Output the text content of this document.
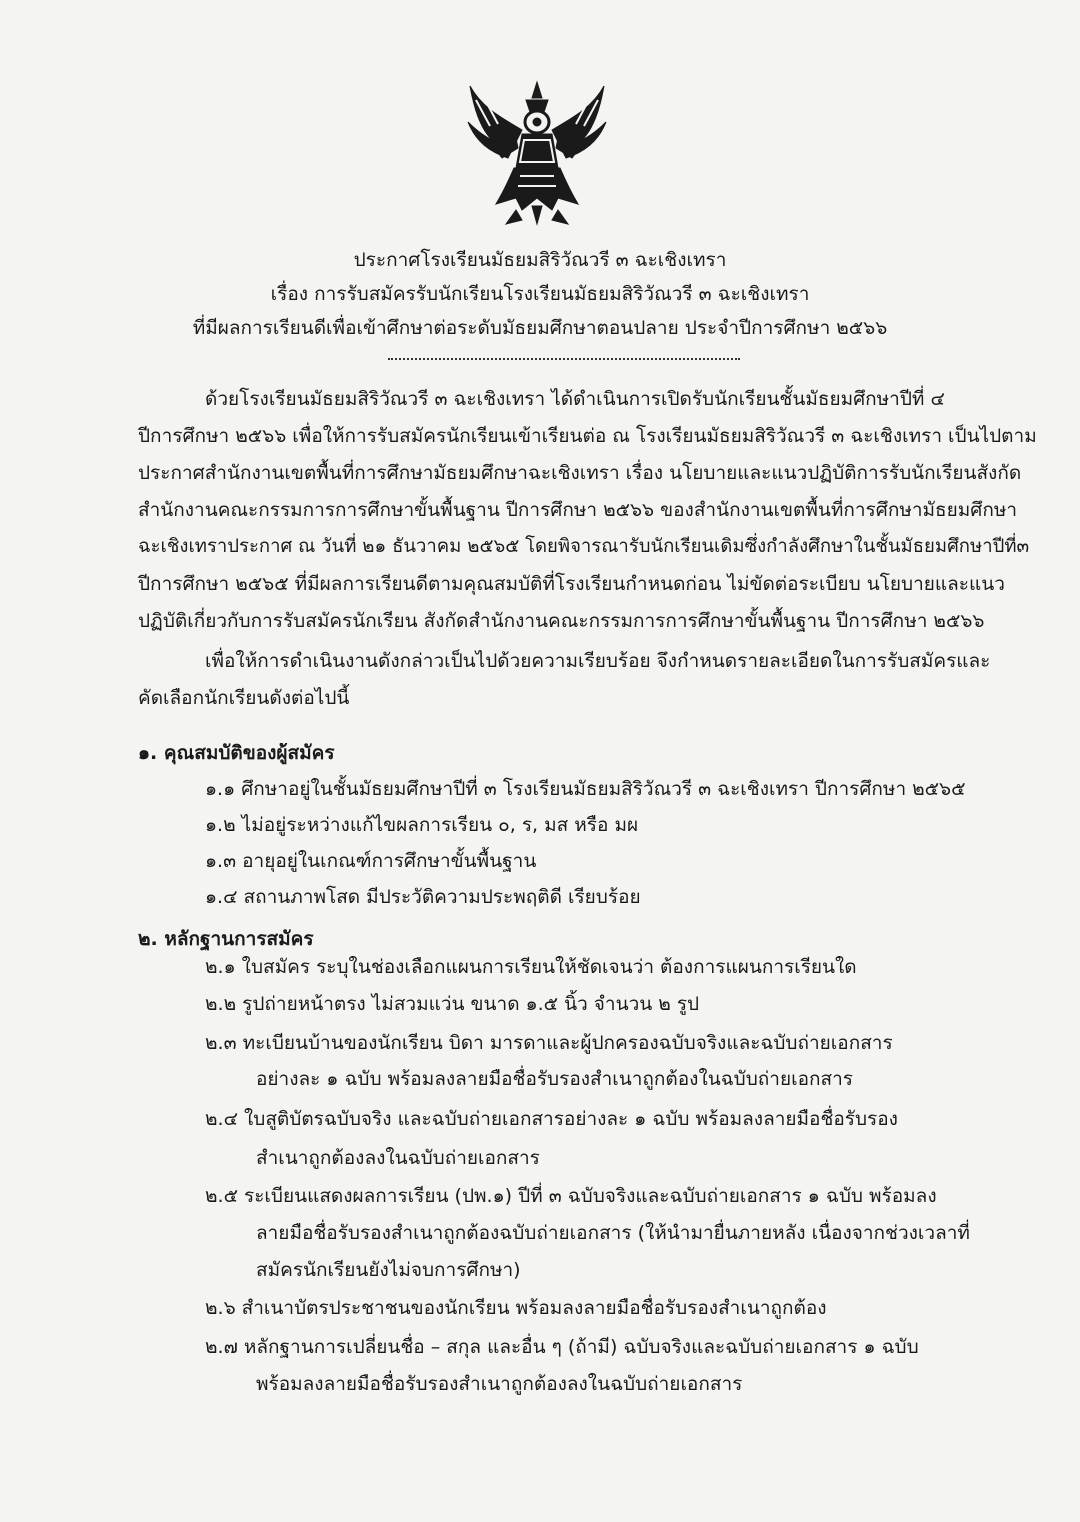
ประกาศโรงเรียนมัธยมสิริวัณวรี ๓ ฉะเชิงเทรา
เรื่อง การรับสมัครรับนักเรียนโรงเรียนมัธยมสิริวัณวรี ๓ ฉะเชิงเทรา
ที่มีผลการเรียนดีเพื่อเข้าศึกษาต่อระดับมัธยมศึกษาตอนปลาย ประจำปีการศึกษา ๒๕๖๖
ด้วยโรงเรียนมัธยมสิริวัณวรี ๓ ฉะเชิงเทรา ได้ดำเนินการเปิดรับนักเรียนชั้นมัธยมศึกษาปีที่ ๔
ปีการศึกษา ๒๕๖๖ เพื่อให้การรับสมัครนักเรียนเข้าเรียนต่อ ณ โรงเรียนมัธยมสิริวัณวรี ๓ ฉะเชิงเทรา เป็นไปตาม
ประกาศสำนักงานเขตพื้นที่การศึกษามัธยมศึกษาฉะเชิงเทรา เรื่อง นโยบายและแนวปฏิบัติการรับนักเรียนสังกัด
สำนักงานคณะกรรมการการศึกษาขั้นพื้นฐาน ปีการศึกษา ๒๕๖๖ ของสำนักงานเขตพื้นที่การศึกษามัธยมศึกษา
ฉะเชิงเทราประกาศ ณ วันที่ ๒๑ ธันวาคม ๒๕๖๕ โดยพิจารณารับนักเรียนเดิมซึ่งกำลังศึกษาในชั้นมัธยมศึกษาปีที่๓
ปีการศึกษา ๒๕๖๕ ที่มีผลการเรียนดีตามคุณสมบัติที่โรงเรียนกำหนดก่อน ไม่ขัดต่อระเบียบ นโยบายและแนว
ปฏิบัติเกี่ยวกับการรับสมัครนักเรียน สังกัดสำนักงานคณะกรรมการการศึกษาขั้นพื้นฐาน ปีการศึกษา ๒๕๖๖
เพื่อให้การดำเนินงานดังกล่าวเป็นไปด้วยความเรียบร้อย จึงกำหนดรายละเอียดในการรับสมัครและ
คัดเลือกนักเรียนดังต่อไปนี้
๑. คุณสมบัติของผู้สมัคร
๑.๑ ศึกษาอยู่ในชั้นมัธยมศึกษาปีที่ ๓ โรงเรียนมัธยมสิริวัณวรี ๓ ฉะเชิงเทรา ปีการศึกษา ๒๕๖๕
๑.๒ ไม่อยู่ระหว่างแก้ไขผลการเรียน ๐, ร, มส หรือ มผ
๑.๓ อายุอยู่ในเกณฑ์การศึกษาขั้นพื้นฐาน
๑.๔ สถานภาพโสด มีประวัติความประพฤติดี เรียบร้อย
๒. หลักฐานการสมัคร
๒.๑ ใบสมัคร ระบุในช่องเลือกแผนการเรียนให้ชัดเจนว่า ต้องการแผนการเรียนใด
๒.๒ รูปถ่ายหน้าตรง ไม่สวมแว่น ขนาด ๑.๕ นิ้ว จำนวน ๒ รูป
๒.๓ ทะเบียนบ้านของนักเรียน บิดา มารดาและผู้ปกครองฉบับจริงและฉบับถ่ายเอกสาร
อย่างละ ๑ ฉบับ พร้อมลงลายมือชื่อรับรองสำเนาถูกต้องในฉบับถ่ายเอกสาร
๒.๔ ใบสูติบัตรฉบับจริง และฉบับถ่ายเอกสารอย่างละ ๑ ฉบับ พร้อมลงลายมือชื่อรับรอง
สำเนาถูกต้องลงในฉบับถ่ายเอกสาร
๒.๕ ระเบียนแสดงผลการเรียน (ปพ.๑) ปีที่ ๓ ฉบับจริงและฉบับถ่ายเอกสาร ๑ ฉบับ พร้อมลง
ลายมือชื่อรับรองสำเนาถูกต้องฉบับถ่ายเอกสาร (ให้นำมายื่นภายหลัง เนื่องจากช่วงเวลาที่
สมัครนักเรียนยังไม่จบการศึกษา)
๒.๖ สำเนาบัตรประชาชนของนักเรียน พร้อมลงลายมือชื่อรับรองสำเนาถูกต้อง
๒.๗ หลักฐานการเปลี่ยนชื่อ – สกุล และอื่น ๆ (ถ้ามี) ฉบับจริงและฉบับถ่ายเอกสาร ๑ ฉบับ
พร้อมลงลายมือชื่อรับรองสำเนาถูกต้องลงในฉบับถ่ายเอกสาร
